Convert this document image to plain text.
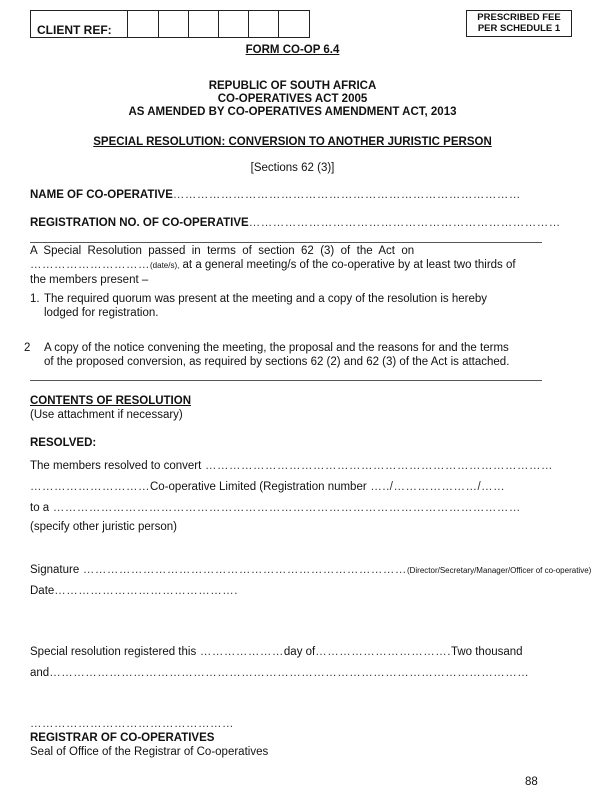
CLIENT REF:
PRESCRIBED FEE
PER SCHEDULE 1
FORM CO-OP 6.4
REPUBLIC OF SOUTH AFRICA
CO-OPERATIVES ACT 2005
AS AMENDED BY CO-OPERATIVES AMENDMENT ACT, 2013
SPECIAL RESOLUTION: CONVERSION TO ANOTHER JURISTIC PERSON
[Sections 62 (3)]
NAME OF CO-OPERATIVE……………………………………………………………………………
REGISTRATION NO. OF CO-OPERATIVE……………………………………………………………………
A  Special  Resolution  passed  in  terms  of  section  62  (3)  of  the  Act  on
…………………………(date/s), at a general meeting/s of the co-operative by at least two thirds of
the members present –
1. The required quorum was present at the meeting and a copy of the resolution is hereby
lodged for registration.
2 A copy of the notice convening the meeting, the proposal and the reasons for and the terms
of the proposed conversion, as required by sections 62 (2) and 62 (3) of the Act is attached.
CONTENTS OF RESOLUTION
(Use attachment if necessary)
RESOLVED:
The members resolved to convert ……………………………………………………………………………
…………………………Co-operative Limited (Registration number …../…………………/……
to a ………………………………………………………………………………………………………
(specify other juristic person)
Signature ………………………………………………………………………(Director/Secretary/Manager/Officer of co-operative)
Date……………………………………….
Special resolution registered this …………………day of…………………………….Two thousand
and…………………………………………………………………………………………………………
……………………………………………
REGISTRAR OF CO-OPERATIVES
Seal of Office of the Registrar of Co-operatives
88
